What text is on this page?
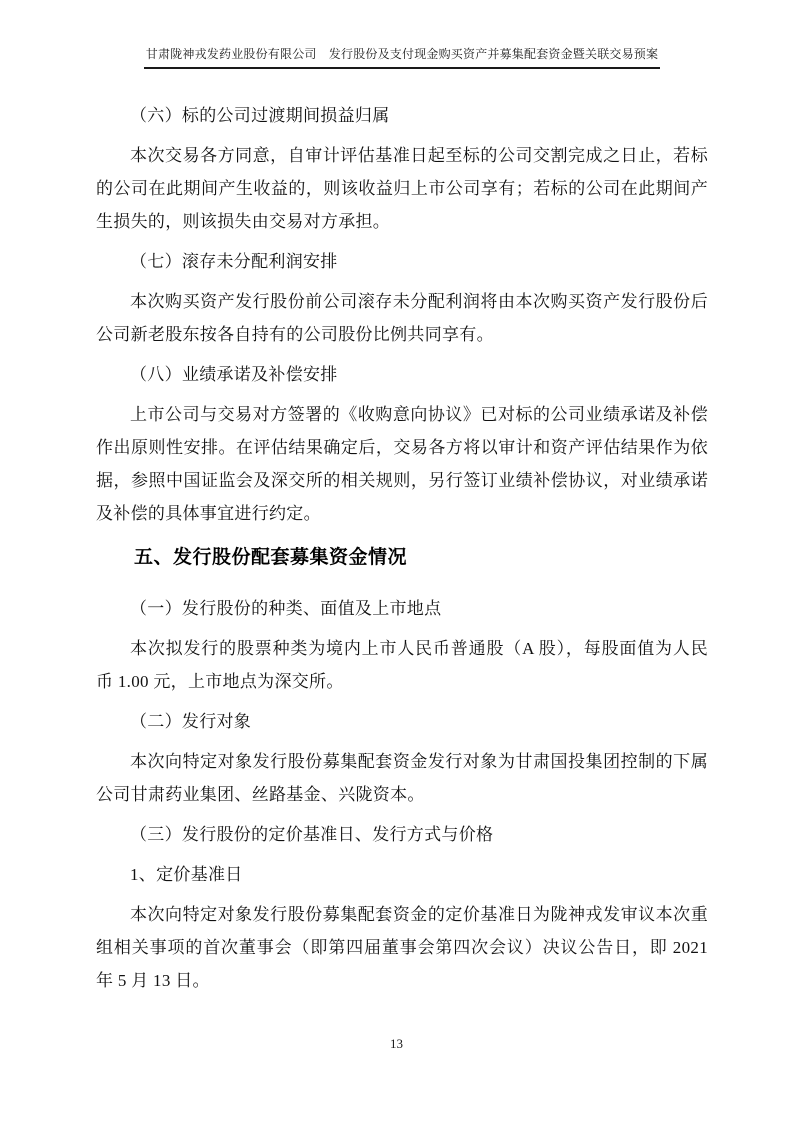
甘肃陇神戎发药业股份有限公司　发行股份及支付现金购买资产并募集配套资金暨关联交易预案
（六）标的公司过渡期间损益归属
本次交易各方同意，自审计评估基准日起至标的公司交割完成之日止，若标的公司在此期间产生收益的，则该收益归上市公司享有；若标的公司在此期间产生损失的，则该损失由交易对方承担。
（七）滚存未分配利润安排
本次购买资产发行股份前公司滚存未分配利润将由本次购买资产发行股份后公司新老股东按各自持有的公司股份比例共同享有。
（八）业绩承诺及补偿安排
上市公司与交易对方签署的《收购意向协议》已对标的公司业绩承诺及补偿作出原则性安排。在评估结果确定后，交易各方将以审计和资产评估结果作为依据，参照中国证监会及深交所的相关规则，另行签订业绩补偿协议，对业绩承诺及补偿的具体事宜进行约定。
五、发行股份配套募集资金情况
（一）发行股份的种类、面值及上市地点
本次拟发行的股票种类为境内上市人民币普通股（A 股），每股面值为人民币 1.00 元，上市地点为深交所。
（二）发行对象
本次向特定对象发行股份募集配套资金发行对象为甘肃国投集团控制的下属公司甘肃药业集团、丝路基金、兴陇资本。
（三）发行股份的定价基准日、发行方式与价格
1、定价基准日
本次向特定对象发行股份募集配套资金的定价基准日为陇神戎发审议本次重组相关事项的首次董事会（即第四届董事会第四次会议）决议公告日，即 2021 年 5 月 13 日。
13
